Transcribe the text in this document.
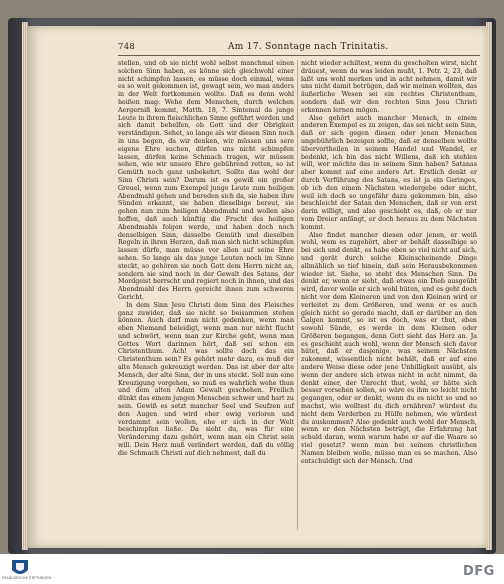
748	Am 17. Sonntage nach Trinitatis.

stellen, und ob sie nicht wohl selbst manchmal einen solchen Sinn haben, es könne sich gleichwohl einer nicht schimpfen lassen, es müsse doch einmal, wenn es so weit gekommen ist, gewagt sein, wo man anders in der Welt fortkommen wollte. Daß es denn wohl heißen mag: Wehe dem Menschen, durch welchen Aergerniß kommt, Matth. 18, 7. Sintemal da junge Leute in ihrem fleischlichen Sinne geführt werden und sich damit behelfen, ob Gott und der Obrigkeit verständigen. Sehet, so lange als wir diesen Sinn noch in uns begen, da wir denken, wir müssen uns sere eigene Ehre suchen, dürfen uns nicht schimpfen lassen, dürfen keine Schmach tragen, wir müssen sehen, wie wir unsere Ehre gebührend retten, so ist Gemüth noch ganz unbekehrt. Sollte das wohl der Sinn Christi sein? Darum ist es gewiß ein großer Greuel, wenn zum Exempel junge Leute zum heiligen Abendmahl gehen und bereden sich da, sie haben ihre Sünden erkannt, sie haben dieselbige bereut, sie gehen nun zum heiligen Abendmahl und wollen also hoffen, daß auch künftig die Frucht des heiligen Abendmahls folgen werde, und haben doch noch denselbigen Sinn, dasselbe Gemüth und dieselben Regeln in ihren Herzen, daß man sich nicht schimpfen lassen dürfe, man müsse vor allen auf seine Ehre sehen. So lange als das junge Leuten noch im Sinne steckt, so gehören sie noch Gott dem Herrn nicht an, sondern sie sind noch in der Gewalt des Satans, der Mordgeist herrscht und regiert noch in ihnen, und das Abendmahl des Herrn gereicht ihnen zum schweren Gericht.

In dem Sinn Jesu Christi dem Sinn des Fleisches ganz zuwider, daß sie nicht so beisammen stehen können. Auch darf man nicht gedenken, wenn man eben Niemand beleidigt, wenn man nur nicht flucht und schwört, wenn man zur Kirche geht, wenn man Gottes Wort darinnen hört, daß sei schon ein Christenthum. Ach! was sollte doch das ein Christenthum sein? Es gehört mehr dazu, es muß der alte Mensch gekreuzigt werden. Das ist aber der alte Mensch, der alte Sinn, der in uns steckt. Soll nun eine Kreuzigung vorgehen, so muß es wahrlich wehe thun und dem alten Adam Gewalt geschehen. Freilich dünkt das einem jungen Menschen schwer und hart zu sein. Gewiß es setzt mancher Seel und Seufzen auf den Augen und wird eher ewig verloren und verdammt sein wollen, ehe er sich in der Welt beschimpfen ließe. Da sieht du, was für eine Veränderung dazu gehört, wenn man ein Christ sein will. Dein Herz muß verändert werden, daß du völlig die Schmach Christi auf dich nehmest, daß du

nicht wieder schiltest, wenn du gescholten wirst, nicht dräuest, wenn du was leiden mußt, 1. Petr. 2, 23, daß laßt uns wohl merken und in acht nehmen, damit wir uns nicht damit betrügen, daß wir meinen wollten, das äußerliche Wesen sei ein rechtes Christenthum, sondern daß wir den rechten Sinn Jesu Christi erkennen lernen mögen.

Also gehört auch mancher Mensch, in einem anderen Exempel es zu zeigen, das sei nicht sein Sinn, daß er sich gegen diesen oder jenen Menschen ungebührlich bezeigen sollte, daß er denselben wollte übervortheilen in seinem Handel und Wandel, er bedenkt, ich bin das nicht Willens, daß ich stehlen will, wer möchte das in seinem Sinn haben? Satanas aber kommt auf eine andere Art. Erstlich denkt er durch Verführung des Satans, es ist ja ein Geringes, ob ich den einem Nächsten wiedergebe oder nicht, weil ich doch so ungefähr dazu gekommen bin, also beschleicht der Satan den Menschen, daß er von erst darin willigt, und also geschieht es, daß, ob er nur vom Dreier anfängt, er doch heraus zu dem Nächsten kommt.

Also findet mancher diesen oder jenen, er weiß wohl, wem es zugehört, aber er behält dasselbige so bei sich und denkt, es habe eben so viel nicht auf sich, und gerät durch solche Kleinscheinende Dinge allmählich so tief hinein, daß sein Herausbekommen wieder ist. Siehe, so steht des Menschen Sinn. Da denkt er, wenn er sieht, daß etwas ein Dieb ausgeübt wird, davor wolle er sich wohl hüten, und es geht doch nicht vor dem Kleineren und von den Kleinen wird er verleitet zu dem Größeren, und wenn er es auch gleich nicht so gerade macht, daß er darüber an den Galgen kommt, so ist es doch, was er thut, eben sowohl Sünde, es werde in dem Kleinen oder Größeren begangen, denn Gott sieht das Herz an. Ja es geschieht auch wohl, wenn der Mensch sich davor hütet, daß er dasjenige, was seinem Nächsten zukommt, wissentlich nicht behält, daß er auf eine andere Weise diese oder jene Unbilligkeit ausübt, als wenn der andere sich etwas nicht in acht nimmt, da denkt einer, der Unrecht thut, wohl, er hätte sich besser vorsehen sollen, so wäre es ihm so leicht nicht gegangen, oder er denkt, wenn du es nicht so und so machst, wie wolltest du dich ernähren? würdest du nicht dem Verderben zu Hülfe nehmen, wie würdest du auskommen? Also gedenkt auch wohl der Mensch, wenn er den Nächsten betrügt, die Erfahrung hat schuld daran, wenn warum habe er auf die Waare so viel gesetzt? wenn man bei seinem christlichen Namen bleiben wolle, müsse man es so machen. Also entschuldigt sich der Mensch. Und

FRANCKESCHE STIFTUNGEN	DFG
